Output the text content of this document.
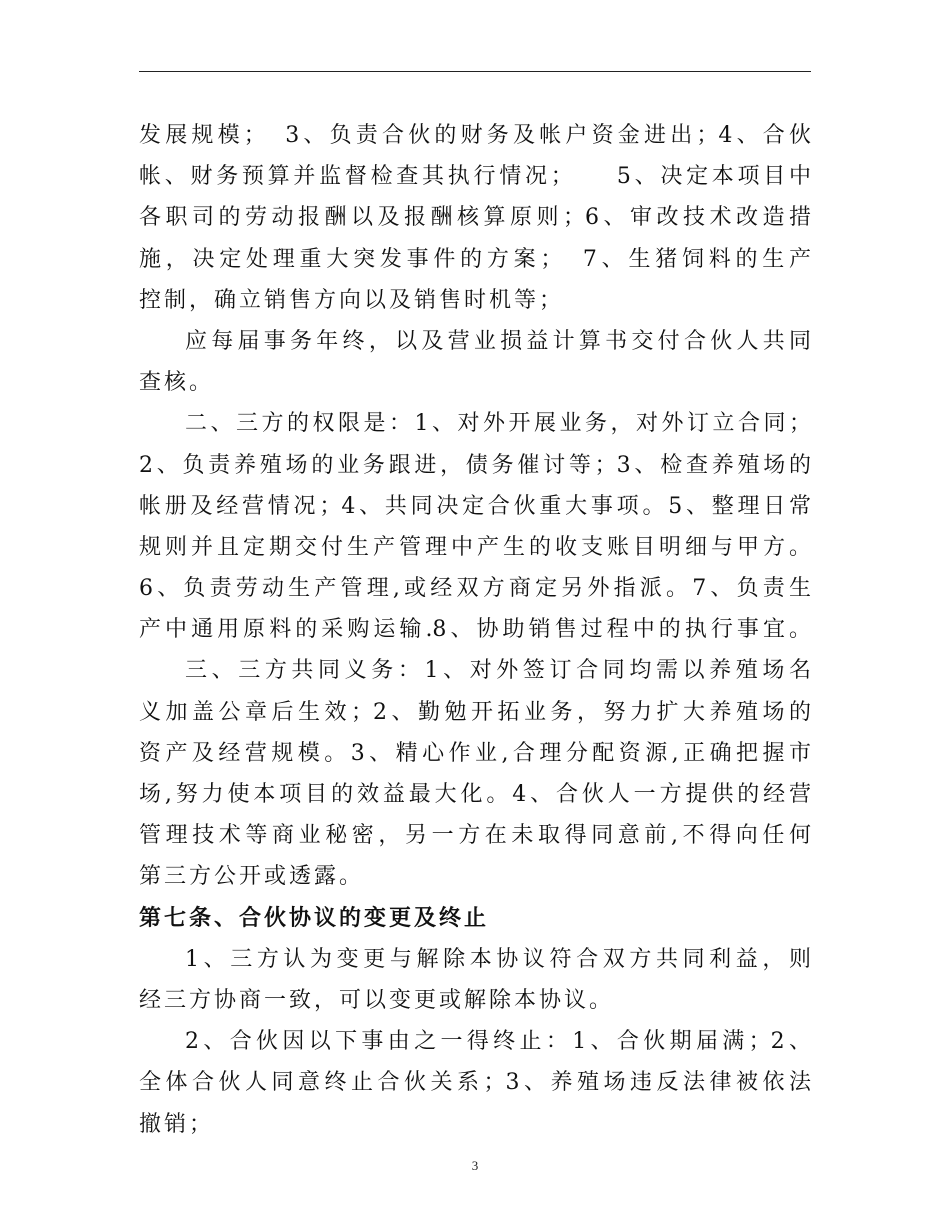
发展规模；　3、负责合伙的财务及帐户资金进出；4、合伙
帐、财务预算并监督检查其执行情况；　　5、决定本项目中
各职司的劳动报酬以及报酬核算原则；6、审改技术改造措
施，决定处理重大突发事件的方案；　7、生猪饲料的生产
控制，确立销售方向以及销售时机等；
应每届事务年终，以及营业损益计算书交付合伙人共同
查核。
二、三方的权限是：1、对外开展业务，对外订立合同；
2、负责养殖场的业务跟进，债务催讨等；3、检查养殖场的
帐册及经营情况；4、共同决定合伙重大事项。5、整理日常
规则并且定期交付生产管理中产生的收支账目明细与甲方。
6、负责劳动生产管理,或经双方商定另外指派。7、负责生
产中通用原料的采购运输.8、协助销售过程中的执行事宜。
三、三方共同义务：1、对外签订合同均需以养殖场名
义加盖公章后生效；2、勤勉开拓业务，努力扩大养殖场的
资产及经营规模。3、精心作业,合理分配资源,正确把握市
场,努力使本项目的效益最大化。4、合伙人一方提供的经营
管理技术等商业秘密，另一方在未取得同意前,不得向任何
第三方公开或透露。
第七条、合伙协议的变更及终止
1、三方认为变更与解除本协议符合双方共同利益，则
经三方协商一致，可以变更或解除本协议。
2、合伙因以下事由之一得终止：1、合伙期届满；2、
全体合伙人同意终止合伙关系；3、养殖场违反法律被依法
撤销；
3
